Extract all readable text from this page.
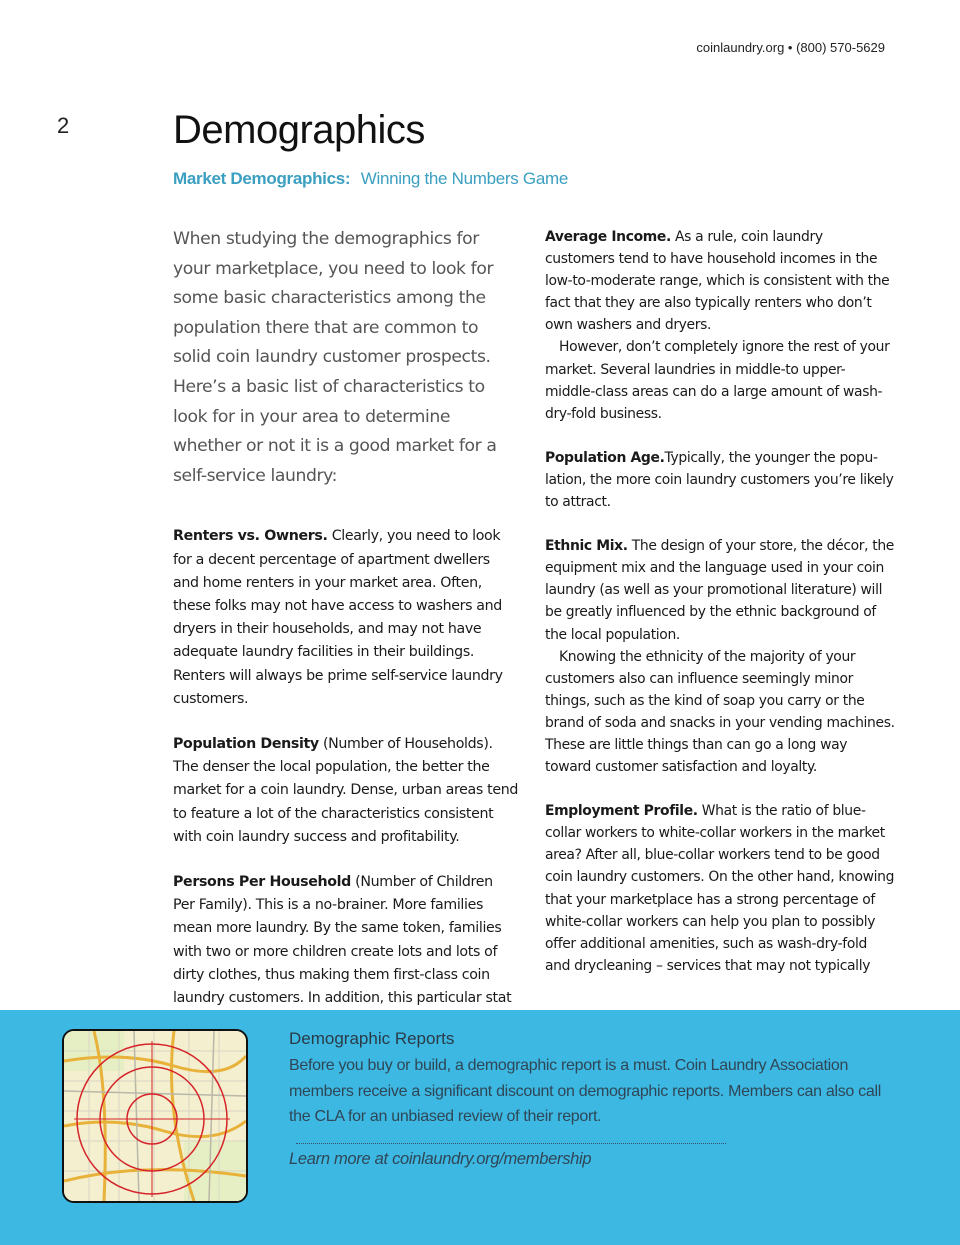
coinlaundry.org • (800) 570-5629
2	Demographics
Market Demographics: Winning the Numbers Game

When studying the demographics for your marketplace, you need to look for some basic characteristics among the population there that are common to solid coin laundry customer prospects. Here’s a basic list of characteristics to look for in your area to determine whether or not it is a good market for a self-service laundry:

Renters vs. Owners. Clearly, you need to look for a decent percentage of apartment dwellers and home renters in your market area. Often, these folks may not have access to washers and dryers in their households, and may not have adequate laundry facilities in their buildings. Renters will always be prime self-service laundry customers.

Population Density (Number of Households). The denser the local population, the better the market for a coin laundry. Dense, urban areas tend to feature a lot of the characteristics consistent with coin laundry success and profitability.

Persons Per Household (Number of Children Per Family). This is a no-brainer. More families mean more laundry. By the same token, families with two or more children create lots and lots of dirty clothes, thus making them first-class coin laundry customers. In addition, this particular stat

Average Income. As a rule, coin laundry customers tend to have household incomes in the low-to-moderate range, which is consistent with the fact that they are also typically renters who don’t own washers and dryers.

However, don’t completely ignore the rest of your market. Several laundries in middle-to upper-middle-class areas can do a large amount of wash-dry-fold business.

Population Age.Typically, the younger the popu-lation, the more coin laundry customers you’re likely to attract.

Ethnic Mix. The design of your store, the décor, the equipment mix and the language used in your coin laundry (as well as your promotional literature) will be greatly influenced by the ethnic background of the local population.

Knowing the ethnicity of the majority of your customers also can influence seemingly minor things, such as the kind of soap you carry or the brand of soda and snacks in your vending machines. These are little things than can go a long way toward customer satisfaction and loyalty.

Employment Profile. What is the ratio of blue-collar workers to white-collar workers in the market area? After all, blue-collar workers tend to be good coin laundry customers. On the other hand, knowing that your marketplace has a strong percentage of white-collar workers can help you plan to possibly offer additional amenities, such as wash-dry-fold and drycleaning – services that may not typically

Demographic Reports
Before you buy or build, a demographic report is a must. Coin Laundry Association members receive a significant discount on demographic reports. Members can also call the CLA for an unbiased review of their report.
Learn more at coinlaundry.org/membership
